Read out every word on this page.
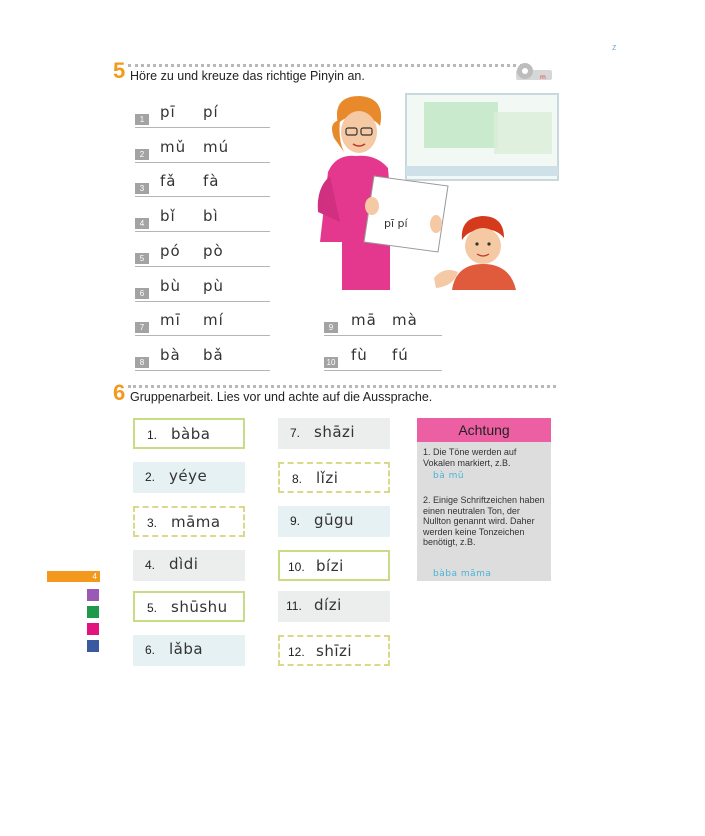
z
5 Höre zu und kreuze das richtige Pinyin an.	m
1	pī pí
2	mǔ mú
3	fǎ fà
4	bǐ bì
5	pó pò
6	bù pù
7	mī mí
8	bà bǎ
9	mā mà
10 fù fú
pī pí
6 Gruppenarbeit. Lies vor und achte auf die Aussprache.
1. bàba
2. yéye
3. māma
4. dìdi
5. shūshu
6. lǎba
7. shāzi
8. lǐzi
9. gūgu
10. bízi
11. dízi
12. shīzi
Achtung
1. Die Töne werden auf Vokalen markiert, z.B.
bà mǔ
2. Einige Schriftzeichen haben einen neutralen Ton, der Nullton genannt wird. Daher werden keine Tonzeichen benötigt, z.B.
bàba māma
4
